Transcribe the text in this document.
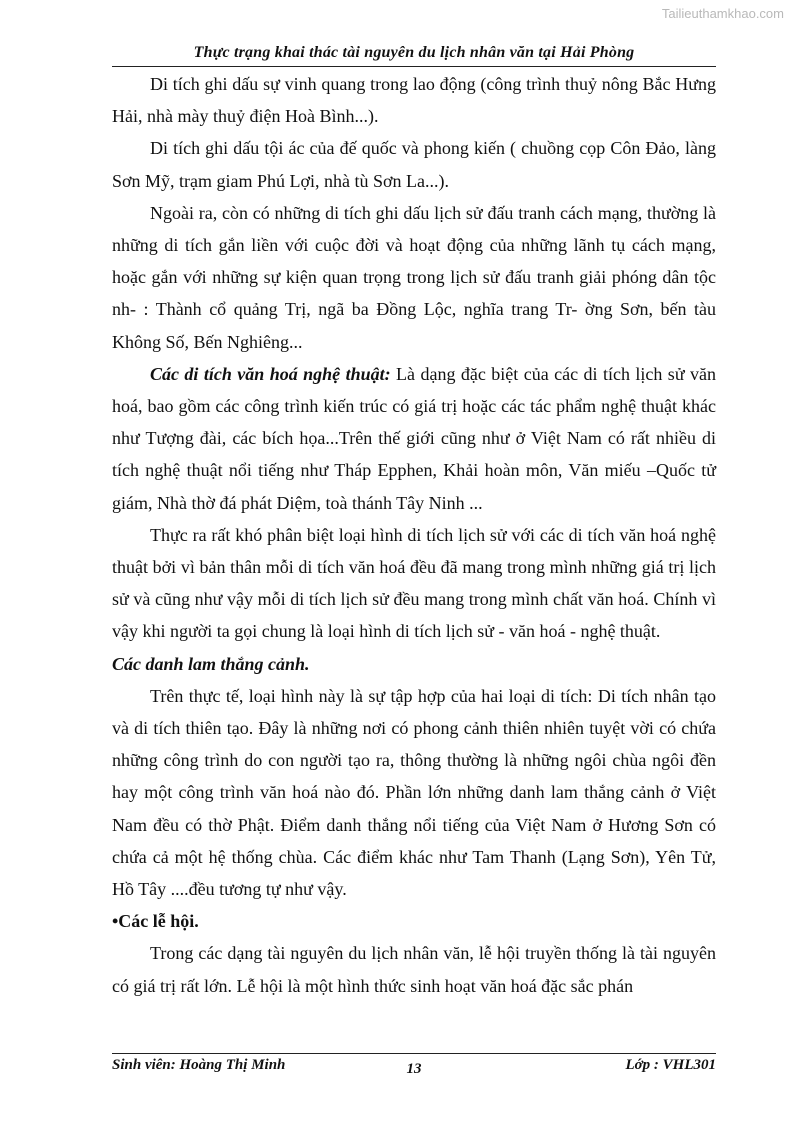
Tailieuthamkhao.com
Thực trạng khai thác tài nguyên du lịch nhân văn tại Hải Phòng

Di tích ghi dấu sự vinh quang trong lao động (công trình thuỷ nông Bắc Hưng Hải, nhà mày thuỷ điện Hoà Bình...).

Di tích ghi dấu tội ác của đế quốc và phong kiến ( chuồng cọp Côn Đảo, làng Sơn Mỹ, trạm giam Phú Lợi, nhà tù Sơn La...).

Ngoài ra, còn có những di tích ghi dấu lịch sử đấu tranh cách mạng, thường là những di tích gắn liền với cuộc đời và hoạt động của những lãnh tụ cách mạng, hoặc gắn với những sự kiện quan trọng trong lịch sử đấu tranh giải phóng dân tộc nh- : Thành cổ quảng Trị, ngã ba Đồng Lộc, nghĩa trang Tr- ờng Sơn, bến tàu Không Số, Bến Nghiêng...

Các di tích văn hoá nghệ thuật: Là dạng đặc biệt của các di tích lịch sử văn hoá, bao gồm các công trình kiến trúc có giá trị hoặc các tác phẩm nghệ thuật khác như Tượng đài, các bích họa...Trên thế giới cũng như ở Việt Nam có rất nhiều di tích nghệ thuật nổi tiếng như Tháp Epphen, Khải hoàn môn, Văn miếu –Quốc tử giám, Nhà thờ đá phát Diệm, toà thánh Tây Ninh ...

Thực ra rất khó phân biệt loại hình di tích lịch sử với các di tích văn hoá nghệ thuật bởi vì bản thân mỗi di tích văn hoá đều đã mang trong mình những giá trị lịch sử và cũng như vậy mỗi di tích lịch sử đều mang trong mình chất văn hoá. Chính vì vậy khi người ta gọi chung là loại hình di tích lịch sử - văn hoá - nghệ thuật.

Các danh lam thắng cảnh.

Trên thực tế, loại hình này là sự tập hợp của hai loại di tích: Di tích nhân tạo và di tích thiên tạo. Đây là những nơi có phong cảnh thiên nhiên tuyệt vời có chứa những công trình do con người tạo ra, thông thường là những ngôi chùa ngôi đền hay một công trình văn hoá nào đó. Phần lớn những danh lam thắng cảnh ở Việt Nam đều có thờ Phật. Điểm danh thắng nổi tiếng của Việt Nam ở Hương Sơn có chứa cả một hệ thống chùa. Các điểm khác như Tam Thanh (Lạng Sơn), Yên Tử, Hồ Tây ....đều tương tự như vậy.

•Các lễ hội.

Trong các dạng tài nguyên du lịch nhân văn, lễ hội truyền thống là tài nguyên có giá trị rất lớn. Lễ hội là một hình thức sinh hoạt văn hoá đặc sắc phán

Sinh viên: Hoàng Thị Minh	13	Lớp : VHL301
